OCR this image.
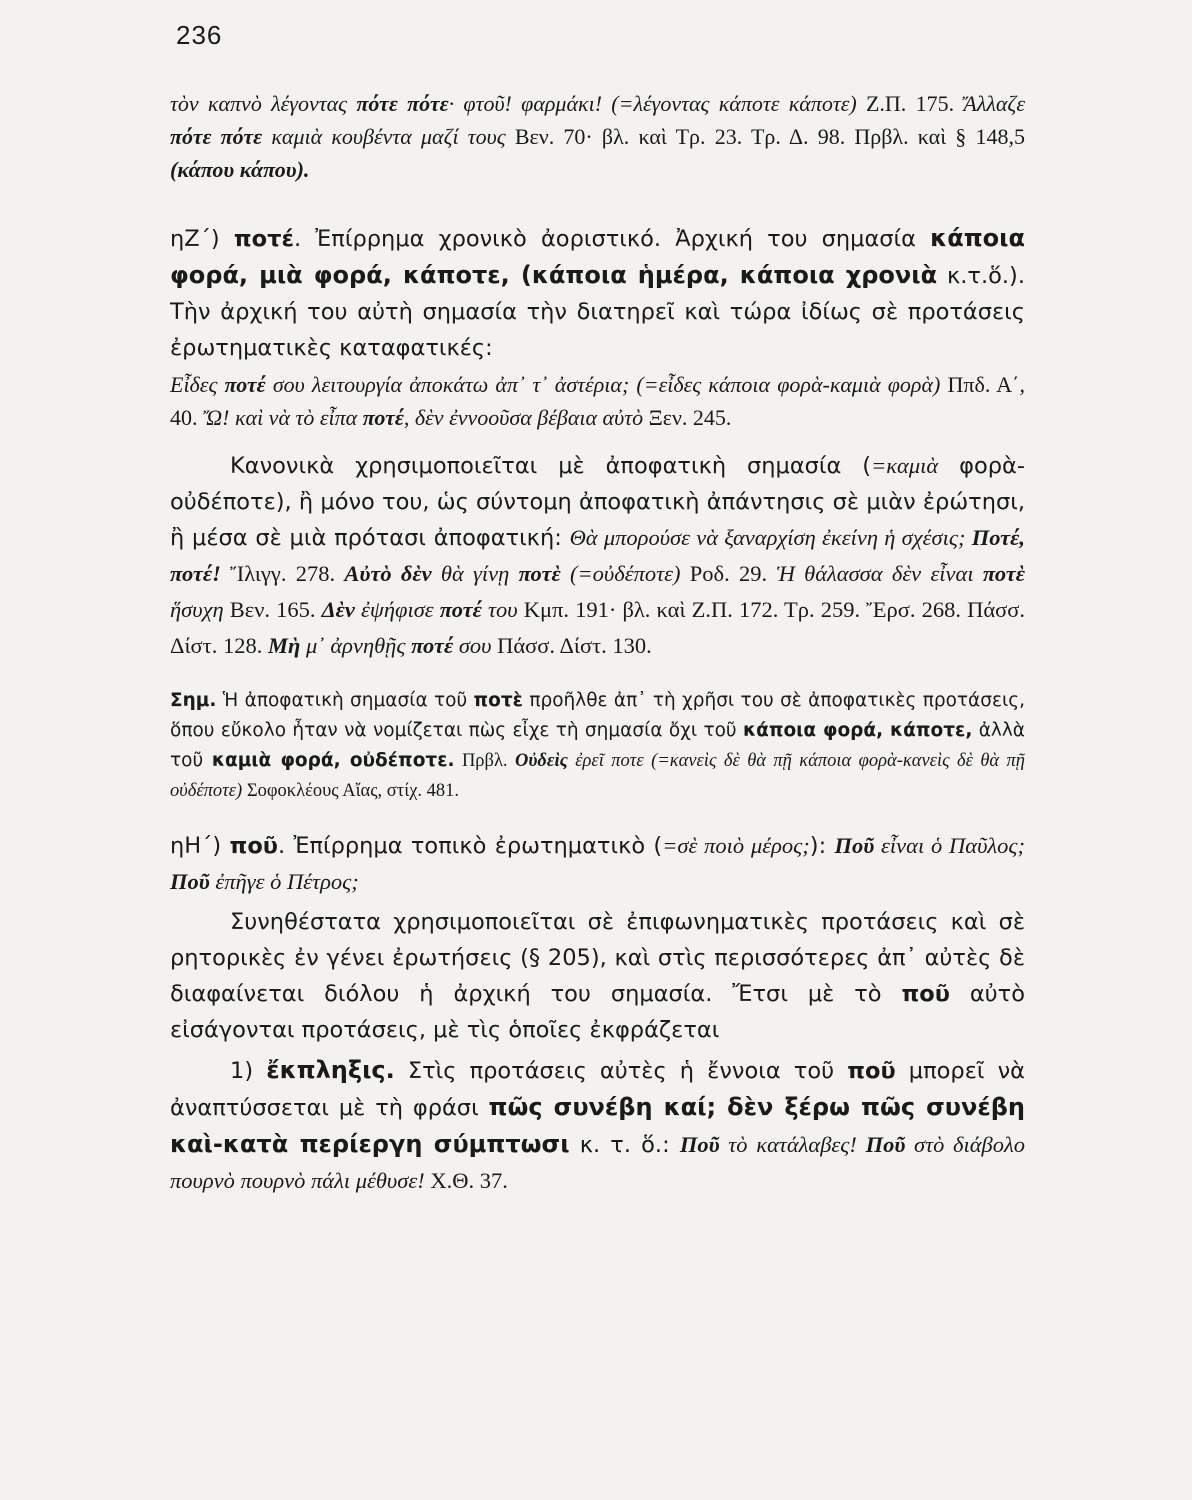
236

τὸν καπνὸ λέγοντας πότε πότε· φτοῦ! φαρμάκι! (=λέγοντας κάποτε κάποτε) Ζ.Π. 175. Ἄλλαζε πότε πότε καμιὰ κουβέντα μαζί τους Βεν. 70· βλ. καὶ Τρ. 23. Τρ. Δ. 98. Πρβλ. καὶ § 148,5 (κάπου κάπου).

ηΖ΄) ποτέ. Ἐπίρρημα χρονικὸ ἀοριστικό. Ἀρχική του σημασία κάποια φορά, μιὰ φορά, κάποτε, (κάποια ἡμέρα, κάποια χρονιὰ κ.τ.ὅ.). Τὴν ἀρχική του αὐτὴ σημασία τὴν διατηρεῖ καὶ τώρα ἰδίως σὲ προτάσεις ἐρωτηματικὲς καταφατικές:

Εἶδες ποτέ σου λειτουργία ἀποκάτω ἀπ᾿ τ᾿ ἀστέρια; (=εἶδες κάποια φορὰ-καμιὰ φορὰ) Ππδ. Α΄, 40. Ὤ! καὶ νὰ τὸ εἶπα ποτέ, δὲν ἐννοοῦσα βέβαια αὐτὸ Ξεν. 245.

Κανονικὰ χρησιμοποιεῖται μὲ ἀποφατικὴ σημασία (=καμιὰ φορὰ-οὐδέποτε), ἢ μόνο του, ὡς σύντομη ἀποφατικὴ ἀπάντησις σὲ μιὰν ἐρώτησι, ἢ μέσα σὲ μιὰ πρότασι ἀποφατική: Θὰ μπορούσε νὰ ξαναρχίση ἐκείνη ἡ σχέσις; Ποτέ, ποτέ! Ἴλιγγ. 278. Αὐτὸ δὲν θὰ γίνῃ ποτὲ (=οὐδέποτε) Ροδ. 29. Ἡ θάλασσα δὲν εἶναι ποτὲ ἥσυχη Βεν. 165. Δὲν ἐψήφισε ποτέ του Κμπ. 191· βλ. καὶ Ζ.Π. 172. Τρ. 259. Ἔρσ. 268. Πάσσ. Δίστ. 128. Μὴ μ᾿ ἀρνηθῇς ποτέ σου Πάσσ. Δίστ. 130.

Σημ. Ἡ ἀποφατικὴ σημασία τοῦ ποτὲ προῆλθε ἀπ᾿ τὴ χρῆσι του σὲ ἀποφατικὲς προτάσεις, ὅπου εὔκολο ἦταν νὰ νομίζεται πὼς εἶχε τὴ σημασία ὄχι τοῦ κάποια φορά, κάποτε, ἀλλὰ τοῦ καμιὰ φορά, οὐδέποτε. Πρβλ. Οὐδεὶς ἐρεῖ ποτε (=κανεὶς δὲ θὰ πῇ κάποια φορὰ-κανεὶς δὲ θὰ πῇ οὐδέποτε) Σοφοκλέους Αἴας, στίχ. 481.

ηΗ΄) ποῦ. Ἐπίρρημα τοπικὸ ἐρωτηματικὸ (=σὲ ποιὸ μέρος;): Ποῦ εἶναι ὁ Παῦλος; Ποῦ ἐπῆγε ὁ Πέτρος;

Συνηθέστατα χρησιμοποιεῖται σὲ ἐπιφωνηματικὲς προτάσεις καὶ σὲ ρητορικὲς ἐν γένει ἐρωτήσεις (§ 205), καὶ στὶς περισσότερες ἀπ᾿ αὐτὲς δὲ διαφαίνεται διόλου ἡ ἀρχική του σημασία. Ἔτσι μὲ τὸ ποῦ αὐτὸ εἰσάγονται προτάσεις, μὲ τὶς ὁποῖες ἐκφράζεται

1) ἔκπληξις. Στὶς προτάσεις αὐτὲς ἡ ἔννοια τοῦ ποῦ μπορεῖ νὰ ἀναπτύσσεται μὲ τὴ φράσι πῶς συνέβη καί; δὲν ξέρω πῶς συνέβη καὶ-κατὰ περίεργη σύμπτωσι κ. τ. ὅ.: Ποῦ τὸ κατάλαβες! Ποῦ στὸ διάβολο πουρνὸ πουρνὸ πάλι μέθυσε! Χ.Θ. 37.
